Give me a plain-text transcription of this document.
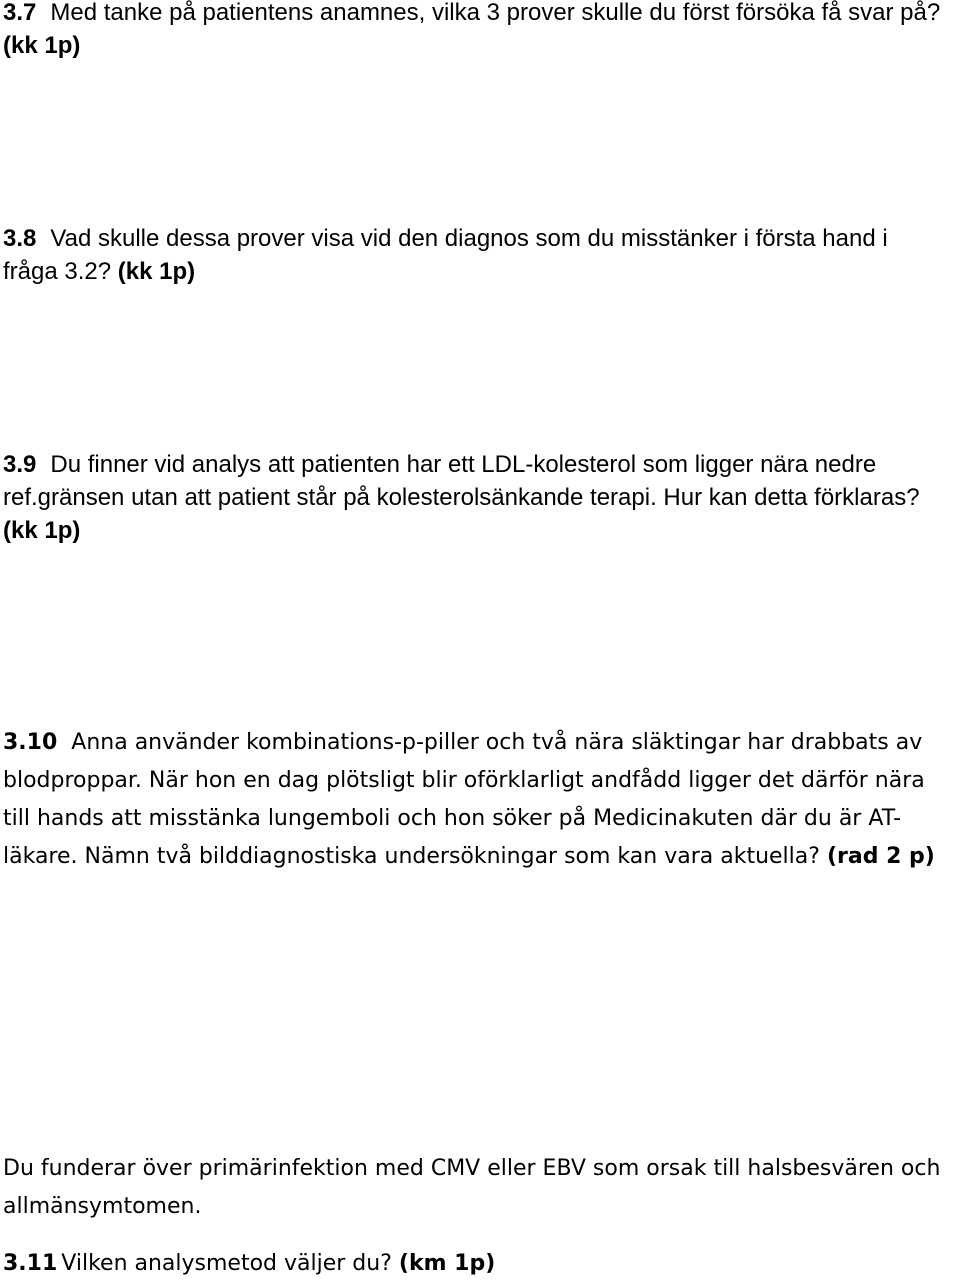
3.7 Med tanke på patientens anamnes, vilka 3 prover skulle du först försöka få svar på? (kk 1p)

3.8 Vad skulle dessa prover visa vid den diagnos som du misstänker i första hand i fråga 3.2? (kk 1p)

3.9 Du finner vid analys att patienten har ett LDL-kolesterol som ligger nära nedre ref.gränsen utan att patient står på kolesterolsänkande terapi. Hur kan detta förklaras? (kk 1p)

3.10 Anna använder kombinations-p-piller och två nära släktingar har drabbats av blodproppar. När hon en dag plötsligt blir oförklarligt andfådd ligger det därför nära till hands att misstänka lungemboli och hon söker på Medicinakuten där du är AT-läkare. Nämn två bilddiagnostiska undersökningar som kan vara aktuella? (rad 2 p)

Du funderar över primärinfektion med CMV eller EBV som orsak till halsbesvären och allmänsymtomen.

3.11 Vilken analysmetod väljer du? (km 1p)
